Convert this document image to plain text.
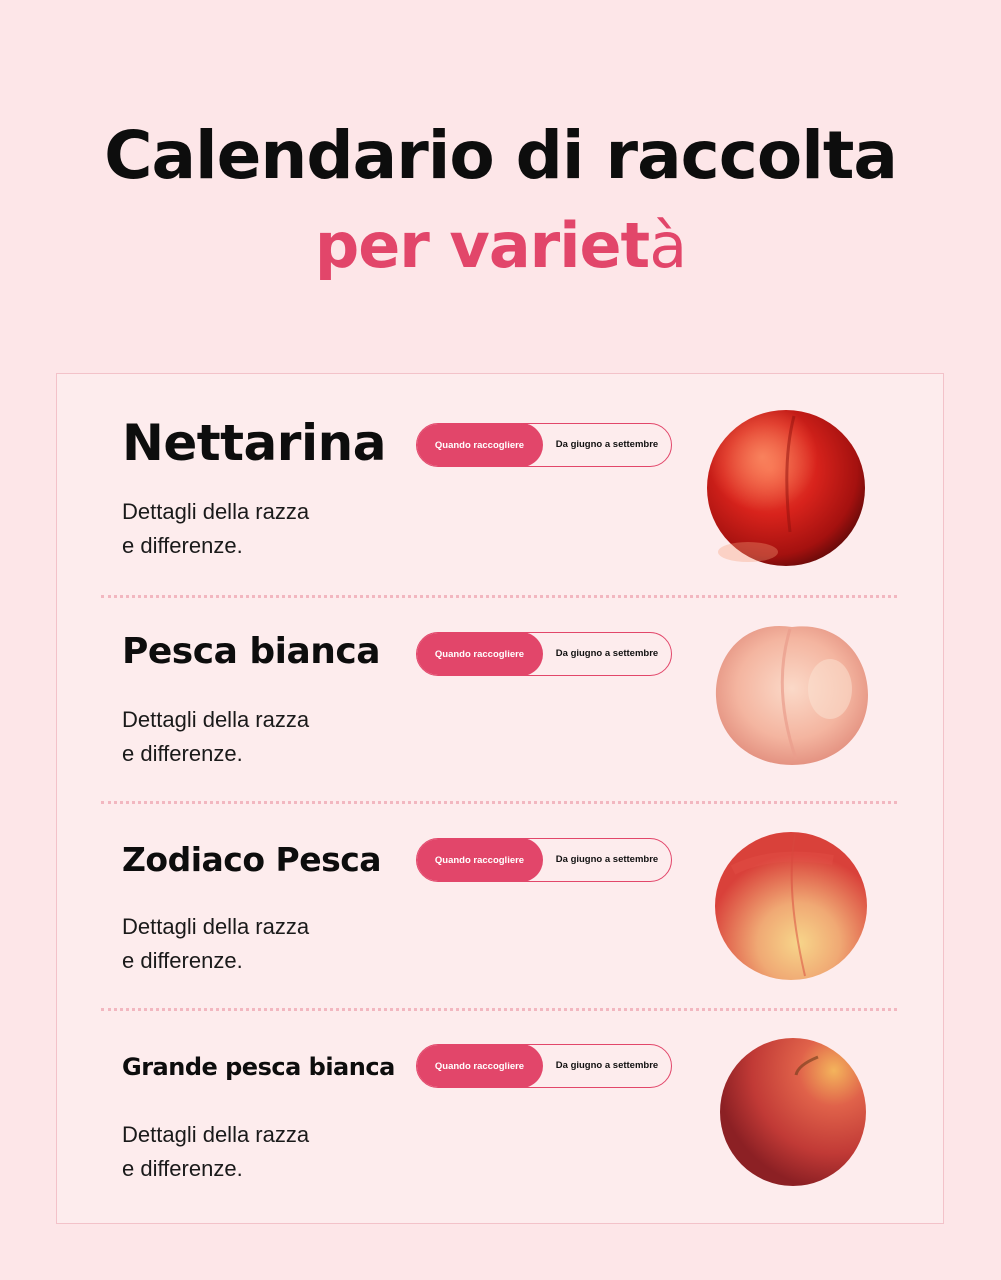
Calendario di raccolta
per varietà
Nettarina
Dettagli della razza
e differenze.
Quando raccogliere	Da giugno a settembre
Pesca bianca
Dettagli della razza
e differenze.
Quando raccogliere	Da giugno a settembre
Zodiaco Pesca
Dettagli della razza
e differenze.
Quando raccogliere	Da giugno a settembre
Grande pesca bianca
Dettagli della razza
e differenze.
Quando raccogliere	Da giugno a settembre
